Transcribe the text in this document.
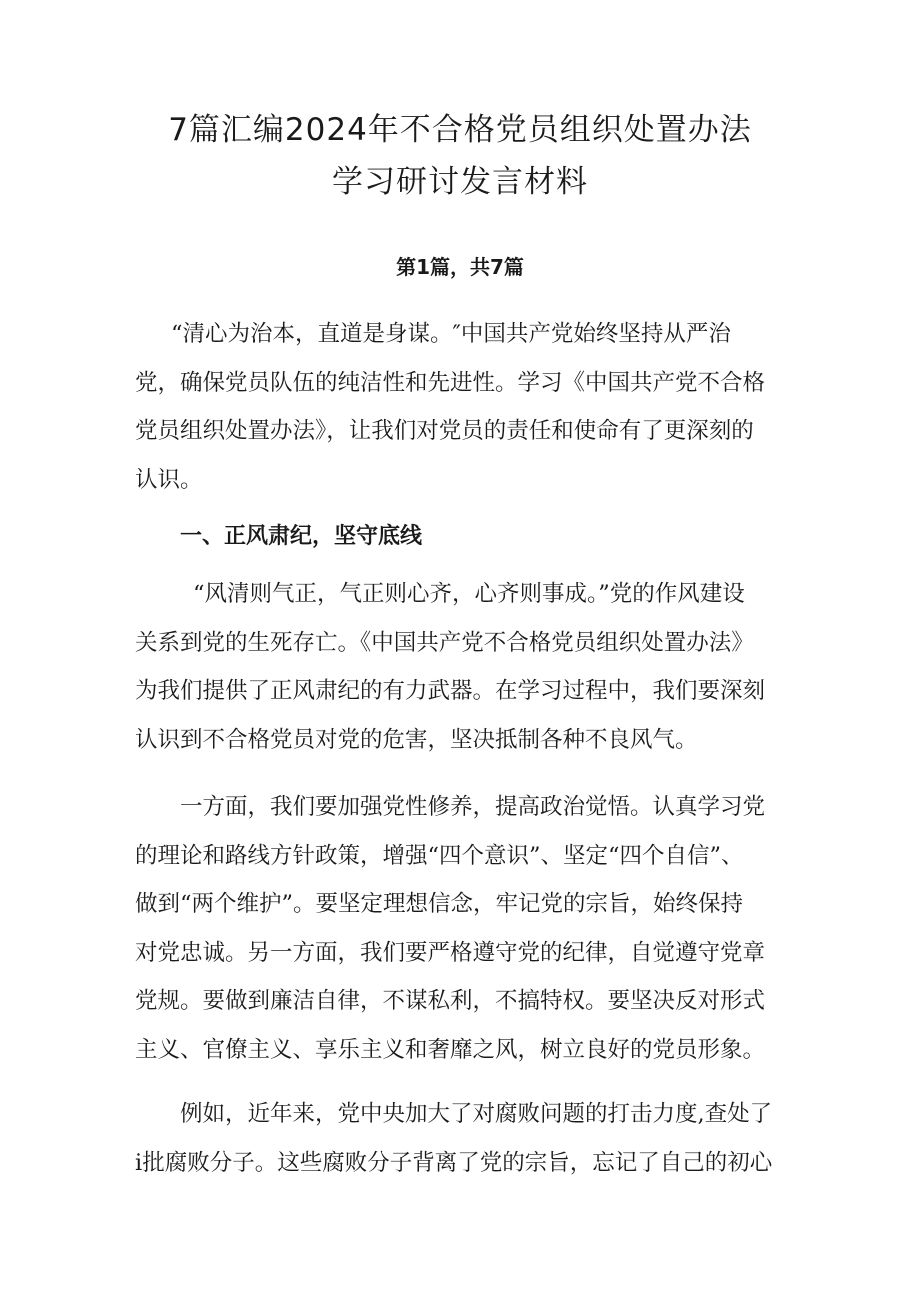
7篇汇编2024年不合格党员组织处置办法
学习研讨发言材料
第1篇，共7篇
“清心为治本，直道是身谋。″中国共产党始终坚持从严治
党，确保党员队伍的纯洁性和先进性。学习《中国共产党不合格
党员组织处置办法》，让我们对党员的责任和使命有了更深刻的
认识。
一、正风肃纪，坚守底线
“风清则气正，气正则心齐，心齐则事成。”党的作风建设
关系到党的生死存亡。《中国共产党不合格党员组织处置办法》
为我们提供了正风肃纪的有力武器。在学习过程中，我们要深刻
认识到不合格党员对党的危害，坚决抵制各种不良风气。
一方面，我们要加强党性修养，提高政治觉悟。认真学习党
的理论和路线方针政策，增强“四个意识”、坚定“四个自信”、
做到“两个维护”。要坚定理想信念，牢记党的宗旨，始终保持
对党忠诚。另一方面，我们要严格遵守党的纪律，自觉遵守党章
党规。要做到廉洁自律，不谋私利，不搞特权。要坚决反对形式
主义、官僚主义、享乐主义和奢靡之风，树立良好的党员形象。
例如，近年来，党中央加大了对腐败问题的打击力度,查处了
i批腐败分子。这些腐败分子背离了党的宗旨，忘记了自己的初心
